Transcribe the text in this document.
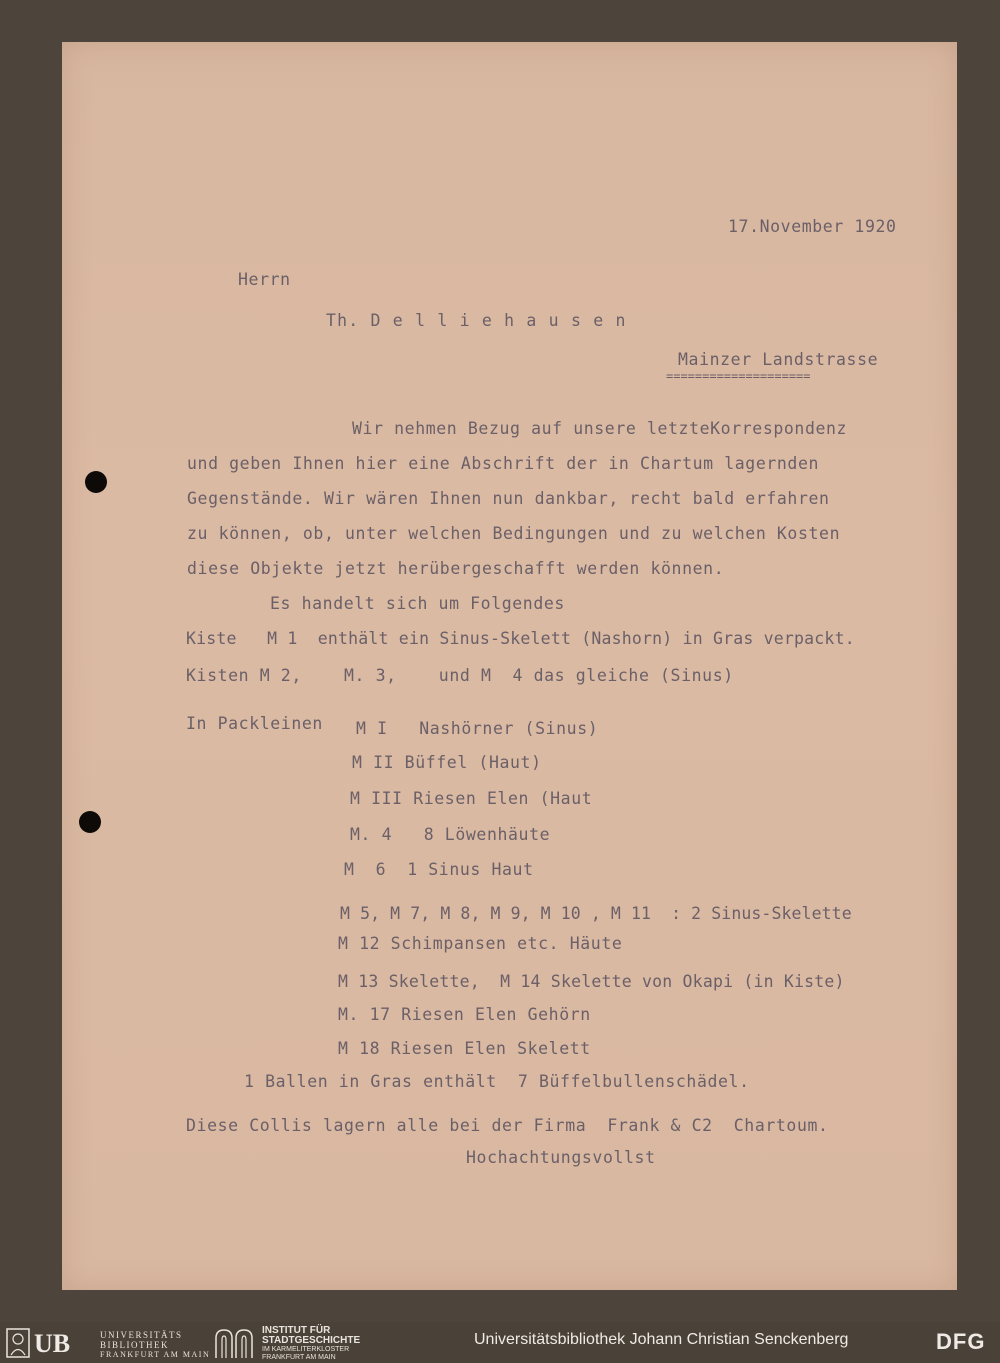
17.November 1920
Herrn
Th. D e l l i e h a u s e n
Mainzer Landstrasse
====================
Wir nehmen Bezug auf unsere letzteKorrespondenz
und geben Ihnen hier eine Abschrift der in Chartum lagernden
Gegenstände. Wir wären Ihnen nun dankbar, recht bald erfahren
zu können, ob, unter welchen Bedingungen und zu welchen Kosten
diese Objekte jetzt herübergeschafft werden können.
Es handelt sich um Folgendes
Kiste   M 1  enthält ein Sinus-Skelett (Nashorn) in Gras verpackt.
Kisten M 2,    M. 3,    und M  4 das gleiche (Sinus)
In Packleinen M I   Nashörner (Sinus)
M II Büffel (Haut)
M III Riesen Elen (Haut
M. 4   8 Löwenhäute
M  6  1 Sinus Haut
M 5, M 7, M 8, M 9, M 10 , M 11  : 2 Sinus-Skelette
M 12 Schimpansen etc. Häute
M 13 Skelette,  M 14 Skelette von Okapi (in Kiste)
M. 17 Riesen Elen Gehörn
M 18 Riesen Elen Skelett
1 Ballen in Gras enthält  7 Büffelbullenschädel.
Diese Collis lagern alle bei der Firma  Frank & C2  Chartoum.
Hochachtungsvollst
UB	UNIVERSITÄTS
BIBLIOTHEK
FRANKFURT AM MAIN
INSTITUT FÜR
STADTGESCHICHTE
IM KARMELITERKLOSTER
FRANKFURT AM MAIN
Universitätsbibliothek Johann Christian Senckenberg	DFG
